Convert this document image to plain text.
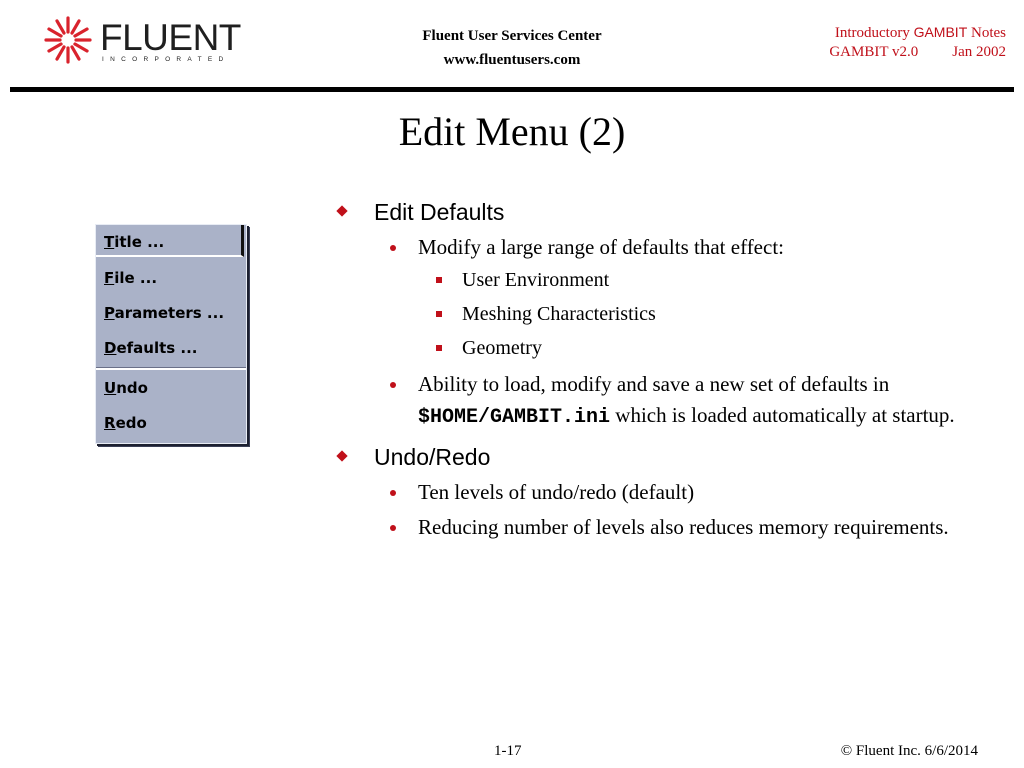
FLUENT
INCORPORATED
Fluent User Services Center
www.fluentusers.com
Introductory GAMBIT Notes
GAMBIT v2.0 Jan 2002
Edit Menu (2)
Title ...
File ...
Parameters ...
Defaults ...
Undo
Redo
Edit Defaults
Modify a large range of defaults that effect:
User Environment
Meshing Characteristics
Geometry
Ability to load, modify and save a new set of defaults in $HOME/GAMBIT.ini which is loaded automatically at startup.
Undo/Redo
Ten levels of undo/redo (default)
Reducing number of levels also reduces memory requirements.
1-17	© Fluent Inc. 6/6/2014
